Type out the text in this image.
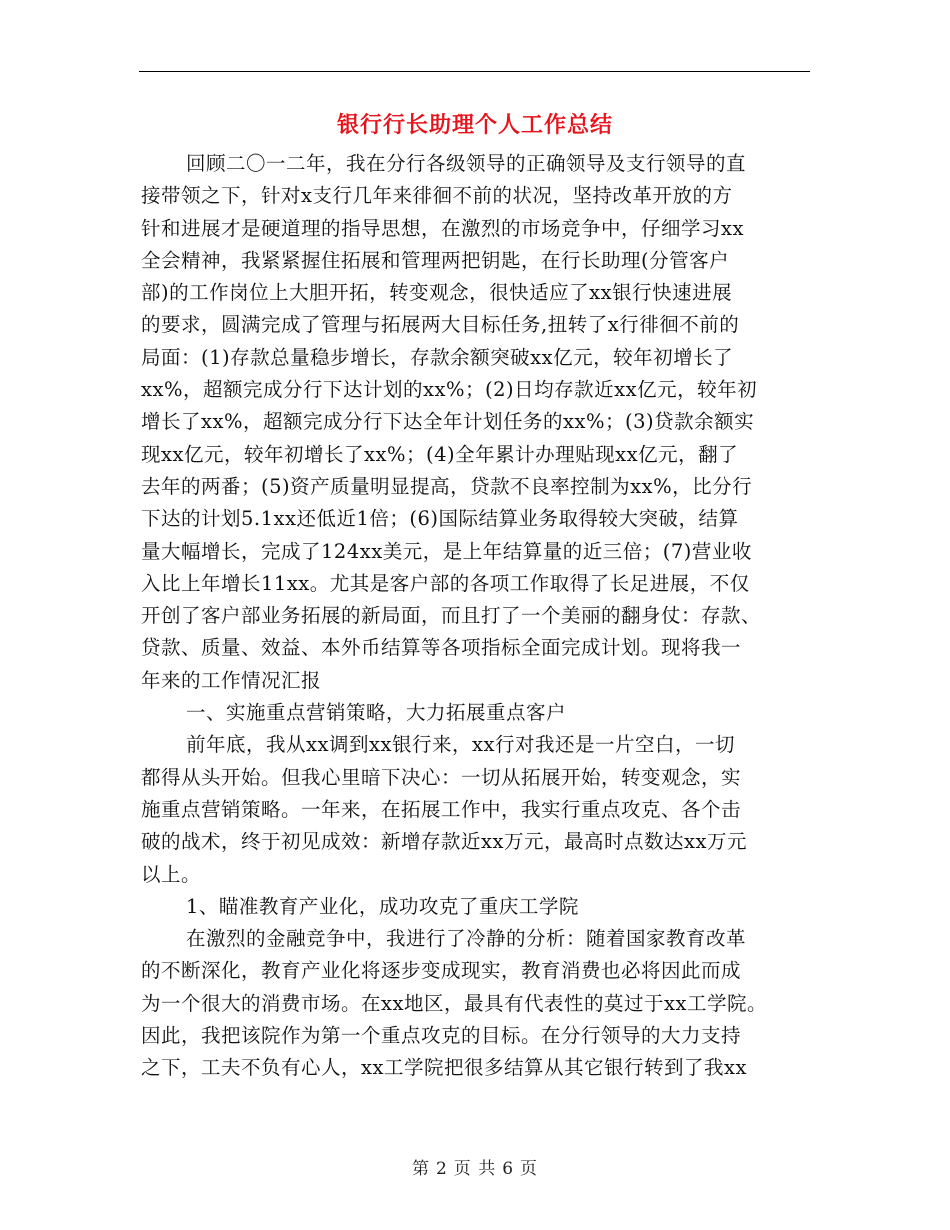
银行行长助理个人工作总结
回顾二〇一二年，我在分行各级领导的正确领导及支行领导的直
接带领之下，针对x支行几年来徘徊不前的状况，坚持改革开放的方
针和进展才是硬道理的指导思想，在激烈的市场竞争中，仔细学习xx
全会精神，我紧紧握住拓展和管理两把钥匙，在行长助理(分管客户
部)的工作岗位上大胆开拓，转变观念，很快适应了xx银行快速进展
的要求，圆满完成了管理与拓展两大目标任务,扭转了x行徘徊不前的
局面：(1)存款总量稳步增长，存款余额突破xx亿元，较年初增长了
xx%，超额完成分行下达计划的xx%；(2)日均存款近xx亿元，较年初
增长了xx%，超额完成分行下达全年计划任务的xx%；(3)贷款余额实
现xx亿元，较年初增长了xx%；(4)全年累计办理贴现xx亿元，翻了
去年的两番；(5)资产质量明显提高，贷款不良率控制为xx%，比分行
下达的计划5.1xx还低近1倍；(6)国际结算业务取得较大突破，结算
量大幅增长，完成了124xx美元，是上年结算量的近三倍；(7)营业收
入比上年增长11xx。尤其是客户部的各项工作取得了长足进展，不仅
开创了客户部业务拓展的新局面，而且打了一个美丽的翻身仗：存款、
贷款、质量、效益、本外币结算等各项指标全面完成计划。现将我一
年来的工作情况汇报
一、实施重点营销策略，大力拓展重点客户
前年底，我从xx调到xx银行来，xx行对我还是一片空白，一切
都得从头开始。但我心里暗下决心：一切从拓展开始，转变观念，实
施重点营销策略。一年来，在拓展工作中，我实行重点攻克、各个击
破的战术，终于初见成效：新增存款近xx万元，最高时点数达xx万元
以上。
1、瞄准教育产业化，成功攻克了重庆工学院
在激烈的金融竞争中，我进行了冷静的分析：随着国家教育改革
的不断深化，教育产业化将逐步变成现实，教育消费也必将因此而成
为一个很大的消费市场。在xx地区，最具有代表性的莫过于xx工学院。
因此，我把该院作为第一个重点攻克的目标。在分行领导的大力支持
之下，工夫不负有心人，xx工学院把很多结算从其它银行转到了我xx
第 2 页 共 6 页
